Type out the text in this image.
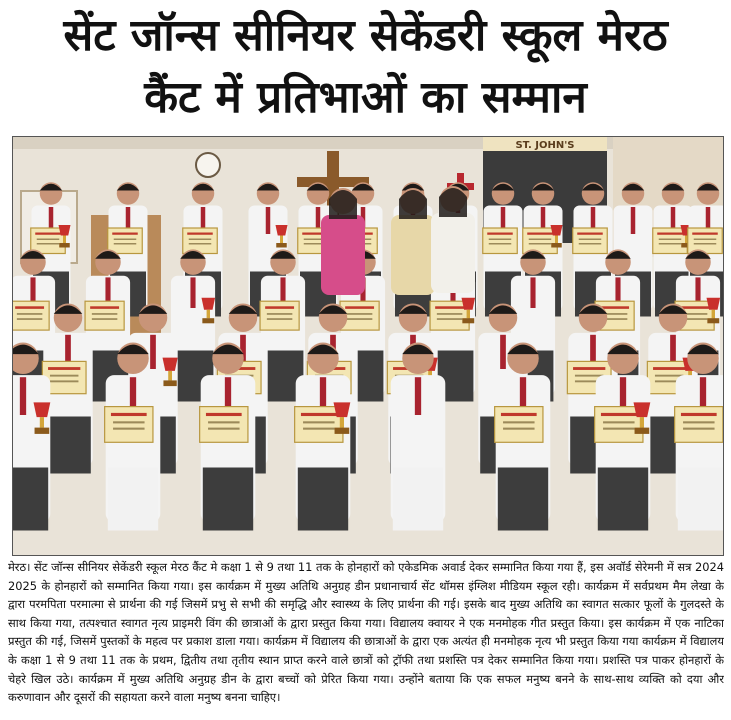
सेंट जॉन्स सीनियर सेकेंडरी स्कूल मेरठ
कैंट में प्रतिभाओं का सम्मान
ST. JOHN'S
मेरठ। सेंट जॉन्स सीनियर सेकेंडरी स्कूल मेरठ कैंट मे कक्षा 1 से 9 तथा 11 तक के होनहारों को एकेडमिक अवार्ड देकर सम्मानित किया गया हैं, इस अवॉर्ड सेरेमनी में सत्र 2024 2025 के होनहारों को सम्मानित किया गया। इस कार्यक्रम में मुख्य अतिथि अनुग्रह डीन प्रधानाचार्य सेंट थॉमस इंग्लिश मीडियम स्कूल रही। कार्यक्रम में सर्वप्रथम मैम लेखा के द्वारा परमपिता परमात्मा से प्रार्थना की गई जिसमें प्रभु से सभी की समृद्धि और स्वास्थ्य के लिए प्रार्थना की गई। इसके बाद मुख्य अतिथि का स्वागत सत्कार फूलों के गुलदस्ते के साथ किया गया, तत्पश्चात स्वागत नृत्य प्राइमरी विंग की छात्राओं के द्वारा प्रस्तुत किया गया। विद्यालय क्वायर ने एक मनमोहक गीत प्रस्तुत किया। इस कार्यक्रम में एक नाटिका प्रस्तुत की गई, जिसमें पुस्तकों के महत्व पर प्रकाश डाला गया। कार्यक्रम में विद्यालय की छात्राओं के द्वारा एक अत्यंत ही मनमोहक नृत्य भी प्रस्तुत किया गया कार्यक्रम में विद्यालय के कक्षा 1 से 9 तथा 11 तक के प्रथम, द्वितीय तथा तृतीय स्थान प्राप्त करने वाले छात्रों को ट्रॉफी तथा प्रशस्ति पत्र देकर सम्मानित किया गया। प्रशस्ति पत्र पाकर होनहारों के चेहरे खिल उठे। कार्यक्रम में मुख्य अतिथि अनुग्रह डीन के द्वारा बच्चों को प्रेरित किया गया। उन्होंने बताया कि एक सफल मनुष्य बनने के साथ-साथ व्यक्ति को दया और करुणावान और दूसरों की सहायता करने वाला मनुष्य बनना चाहिए।
